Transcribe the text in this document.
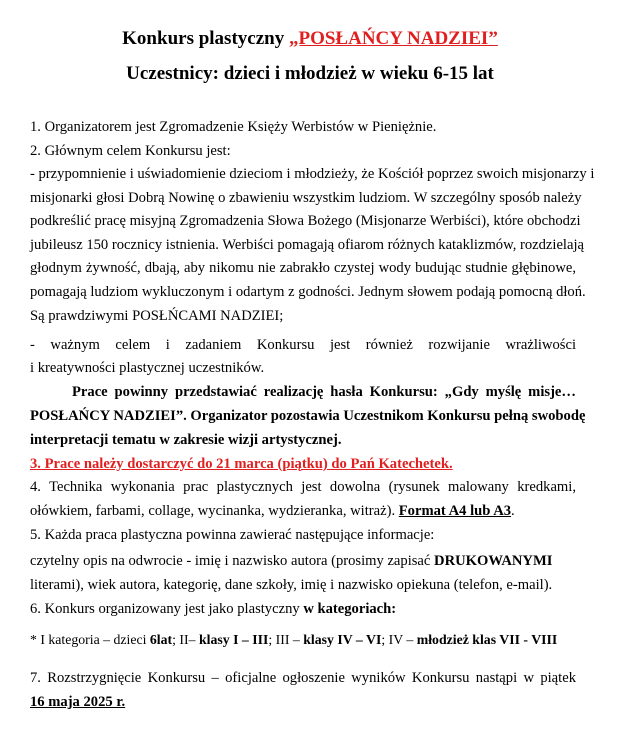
Konkurs plastyczny „POSŁAŃCY NADZIEI”
Uczestnicy: dzieci i młodzież w wieku 6-15 lat
1. Organizatorem jest Zgromadzenie Księży Werbistów w Pieniężnie.
2. Głównym celem Konkursu jest:
- przypomnienie i uświadomienie dzieciom i młodzieży, że Kościół poprzez swoich misjonarzy i
misjonarki głosi Dobrą Nowinę o zbawieniu wszystkim ludziom. W szczególny sposób należy
podkreślić pracę misyjną Zgromadzenia Słowa Bożego (Misjonarze Werbiści), które obchodzi
jubileusz 150 rocznicy istnienia. Werbiści pomagają ofiarom różnych kataklizmów, rozdzielają
głodnym żywność, dbają, aby nikomu nie zabrakło czystej wody budując studnie głębinowe,
pomagają ludziom wykluczonym i odartym z godności. Jednym słowem podają pomocną dłoń.
Są prawdziwymi POSŁŃCAMI NADZIEI;
- ważnym celem i zadaniem Konkursu jest również rozwijanie wrażliwości
i kreatywności plastycznej uczestników.
Prace powinny przedstawiać realizację hasła Konkursu: „Gdy myślę misje…
POSŁAŃCY NADZIEI”. Organizator pozostawia Uczestnikom Konkursu pełną swobodę
interpretacji tematu w zakresie wizji artystycznej.
3. Prace należy dostarczyć do 21 marca (piątku) do Pań Katechetek.
4. Technika wykonania prac plastycznych jest dowolna (rysunek malowany kredkami,
ołówkiem, farbami, collage, wycinanka, wydzieranka, witraż). Format A4 lub A3.
5. Każda praca plastyczna powinna zawierać następujące informacje:
czytelny opis na odwrocie - imię i nazwisko autora (prosimy zapisać DRUKOWANYMI
literami), wiek autora, kategorię, dane szkoły, imię i nazwisko opiekuna (telefon, e-mail).
6. Konkurs organizowany jest jako plastyczny w kategoriach:
* I kategoria – dzieci 6lat; II– klasy I – III; III – klasy IV – VI; IV – młodzież klas VII - VIII
7. Rozstrzygnięcie Konkursu – oficjalne ogłoszenie wyników Konkursu nastąpi w piątek
16 maja 2025 r.
